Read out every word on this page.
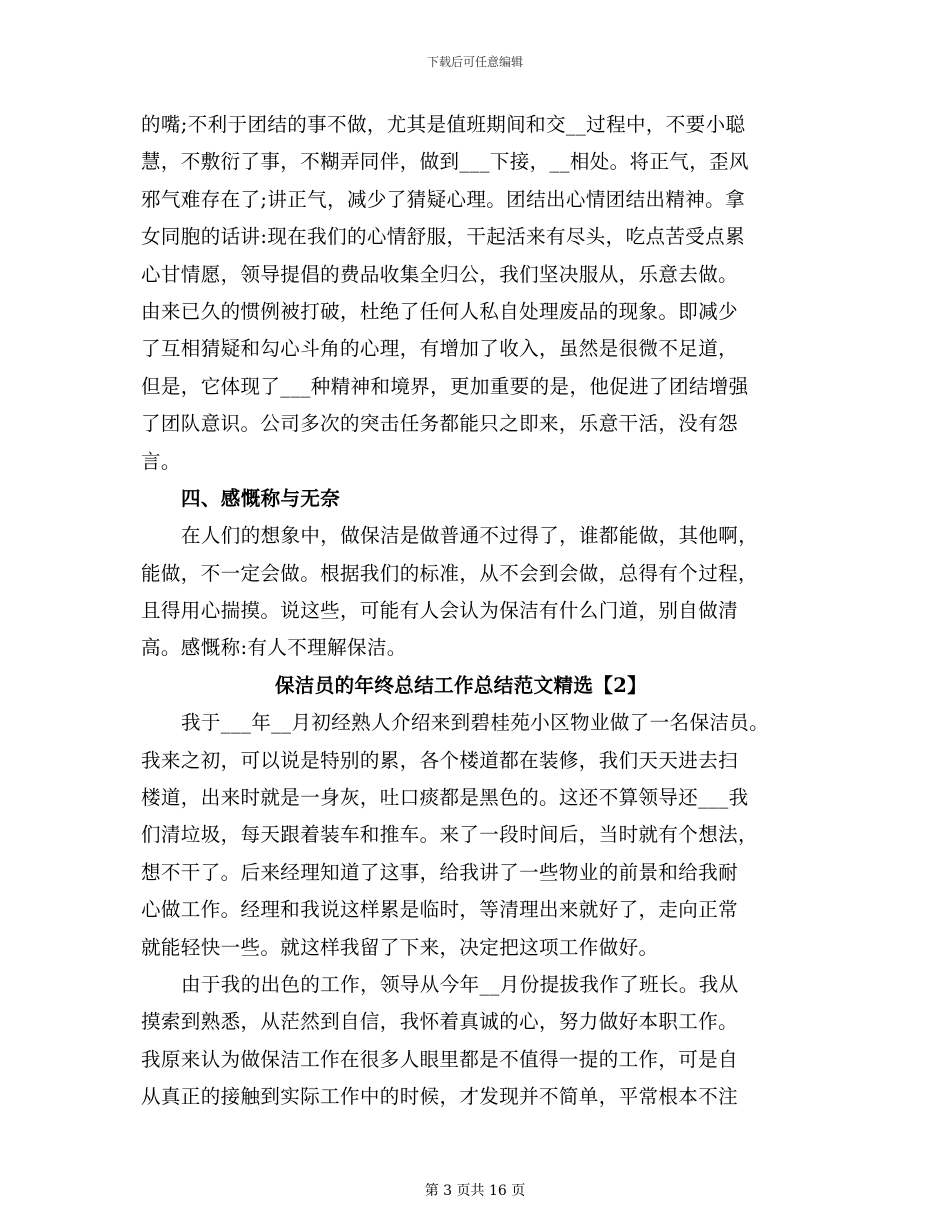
下载后可任意编辑
的嘴;不利于团结的事不做，尤其是值班期间和交__过程中，不要小聪
慧，不敷衍了事，不糊弄同伴，做到___下接，__相处。将正气，歪风
邪气难存在了;讲正气，减少了猜疑心理。团结出心情团结出精神。拿
女同胞的话讲:现在我们的心情舒服，干起活来有尽头，吃点苦受点累
心甘情愿，领导提倡的费品收集全归公，我们坚决服从，乐意去做。
由来已久的惯例被打破，杜绝了任何人私自处理废品的现象。即减少
了互相猜疑和勾心斗角的心理，有增加了收入，虽然是很微不足道，
但是，它体现了___种精神和境界，更加重要的是，他促进了团结增强
了团队意识。公司多次的突击任务都能只之即来，乐意干活，没有怨
言。
四、感慨称与无奈
在人们的想象中，做保洁是做普通不过得了，谁都能做，其他啊，
能做，不一定会做。根据我们的标准，从不会到会做，总得有个过程，
且得用心揣摸。说这些，可能有人会认为保洁有什么门道，别自做清
高。感慨称:有人不理解保洁。
保洁员的年终总结工作总结范文精选【2】
我于___年__月初经熟人介绍来到碧桂苑小区物业做了一名保洁员。
我来之初，可以说是特别的累，各个楼道都在装修，我们天天进去扫
楼道，出来时就是一身灰，吐口痰都是黑色的。这还不算领导还___我
们清垃圾，每天跟着装车和推车。来了一段时间后，当时就有个想法，
想不干了。后来经理知道了这事，给我讲了一些物业的前景和给我耐
心做工作。经理和我说这样累是临时，等清理出来就好了，走向正常
就能轻快一些。就这样我留了下来，决定把这项工作做好。
由于我的出色的工作，领导从今年__月份提拔我作了班长。我从
摸索到熟悉，从茫然到自信，我怀着真诚的心，努力做好本职工作。
我原来认为做保洁工作在很多人眼里都是不值得一提的工作，可是自
从真正的接触到实际工作中的时候，才发现并不简单，平常根本不注
第 3 页共 16 页
